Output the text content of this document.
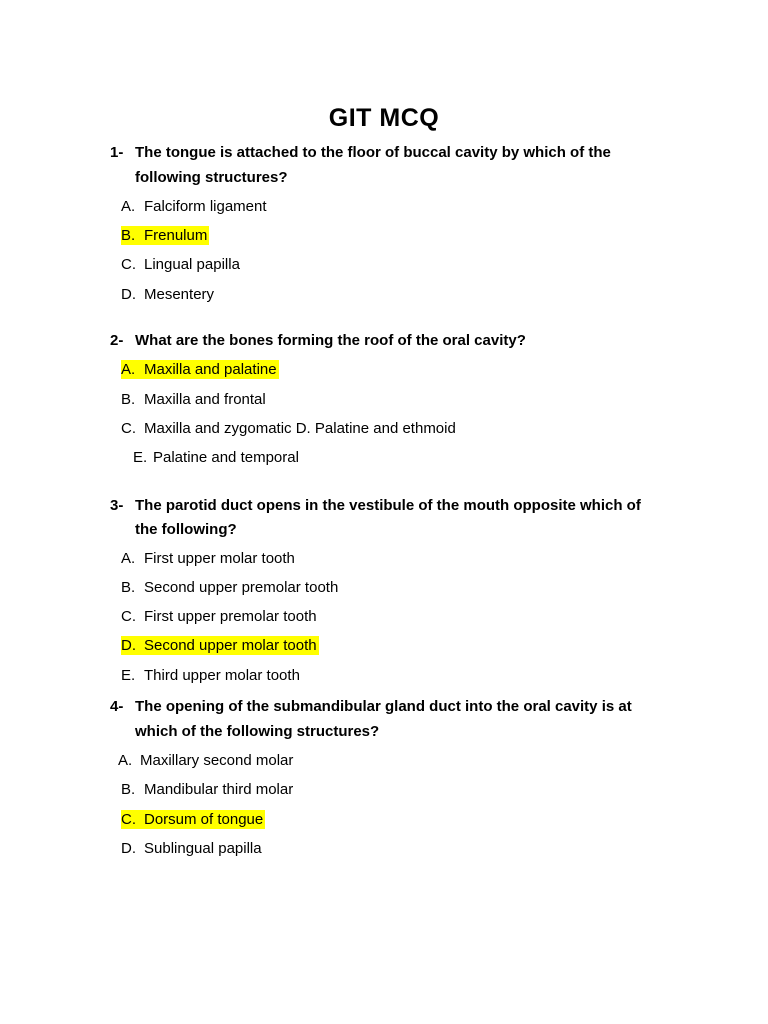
GIT MCQ
1- The tongue is attached to the floor of buccal cavity by which of the
following structures?
A. Falciform ligament
B. Frenulum
C. Lingual papilla
D. Mesentery
2- What are the bones forming the roof of the oral cavity?
A. Maxilla and palatine
B. Maxilla and frontal
C. Maxilla and zygomatic D. Palatine and ethmoid
E. Palatine and temporal
3- The parotid duct opens in the vestibule of the mouth opposite which of
the following?
A. First upper molar tooth
B. Second upper premolar tooth
C. First upper premolar tooth
D. Second upper molar tooth
E. Third upper molar tooth
4- The opening of the submandibular gland duct into the oral cavity is at
which of the following structures?
A. Maxillary second molar
B. Mandibular third molar
C. Dorsum of tongue
D. Sublingual papilla
